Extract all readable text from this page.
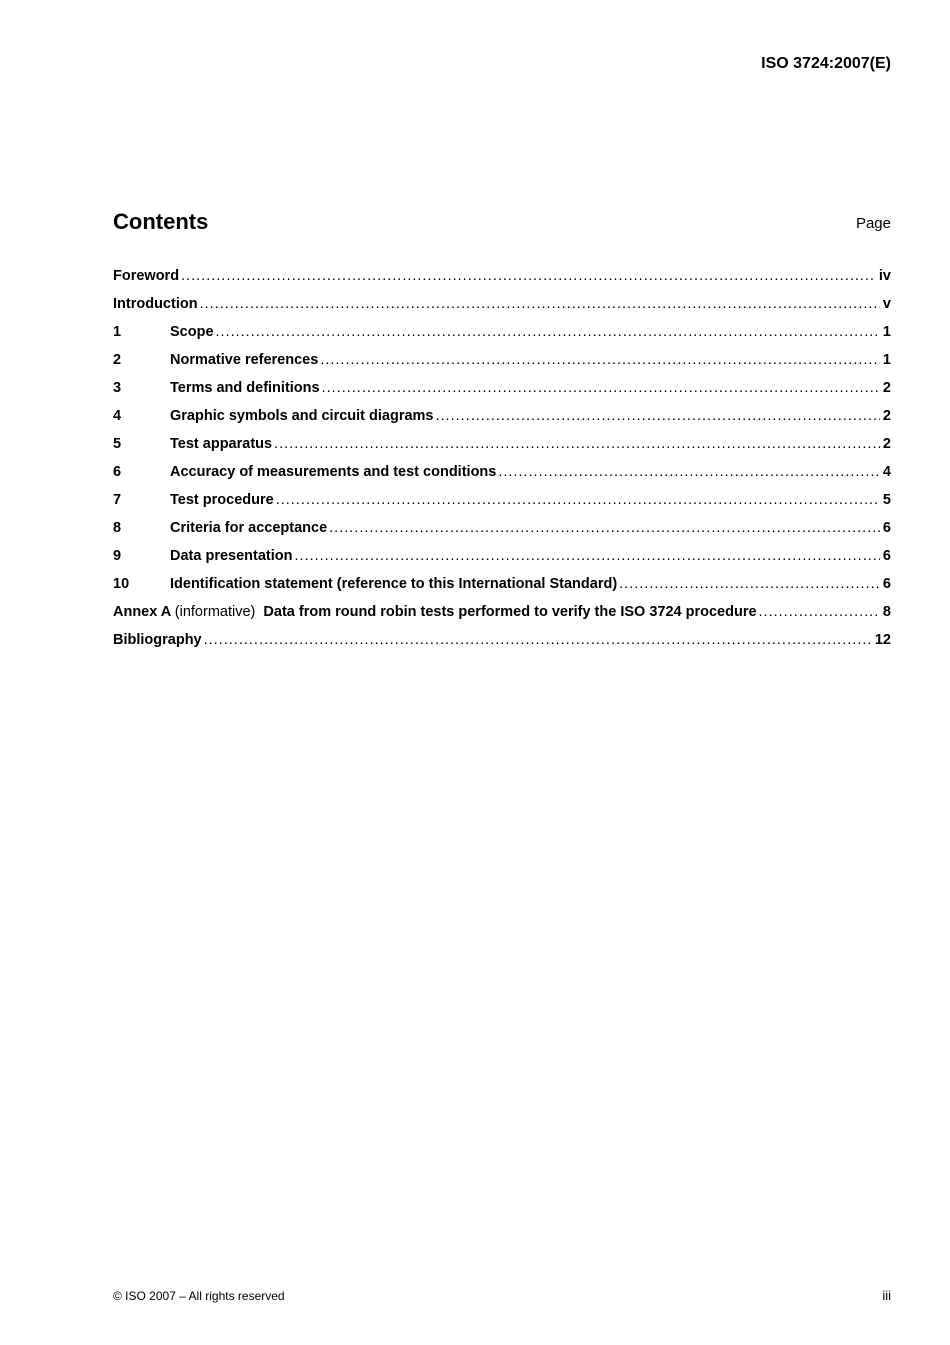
ISO 3724:2007(E)
Contents	Page
Foreword .....	iv
Introduction .....	v
1	Scope .....	1
2	Normative references .....	1
3	Terms and definitions .....	2
4	Graphic symbols and circuit diagrams .....	2
5	Test apparatus .....	2
6	Accuracy of measurements and test conditions .....	4
7	Test procedure .....	5
8	Criteria for acceptance .....	6
9	Data presentation .....	6
10	Identification statement (reference to this International Standard) .....	6
Annex A (informative) Data from round robin tests performed to verify the ISO 3724 procedure .....	8
Bibliography .....	12
© ISO 2007 – All rights reserved	iii
